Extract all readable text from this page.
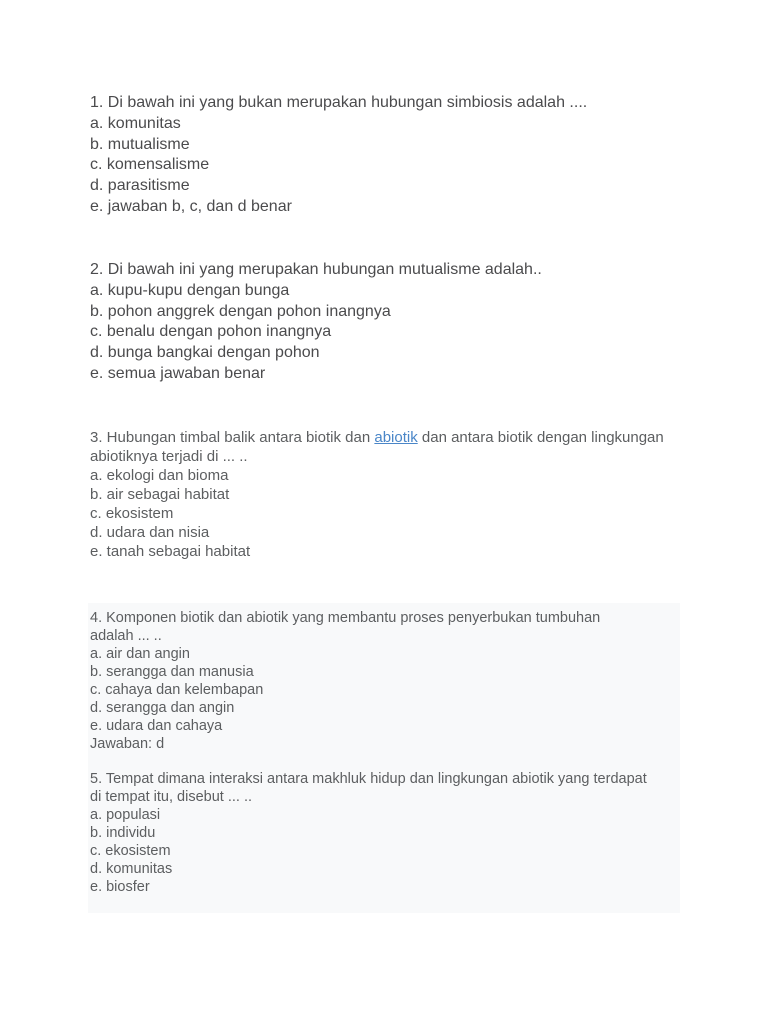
1. Di bawah ini yang bukan merupakan hubungan simbiosis adalah ....
a. komunitas
b. mutualisme
c. komensalisme
d. parasitisme
e. jawaban b, c, dan d benar
2. Di bawah ini yang merupakan hubungan mutualisme adalah..
a. kupu-kupu dengan bunga
b. pohon anggrek dengan pohon inangnya
c. benalu dengan pohon inangnya
d. bunga bangkai dengan pohon
e. semua jawaban benar
3. Hubungan timbal balik antara biotik dan abiotik dan antara biotik dengan lingkungan
abiotiknya terjadi di ... ..
a. ekologi dan bioma
b. air sebagai habitat
c. ekosistem
d. udara dan nisia
e. tanah sebagai habitat
4. Komponen biotik dan abiotik yang membantu proses penyerbukan tumbuhan
adalah ... ..
a. air dan angin
b. serangga dan manusia
c. cahaya dan kelembapan
d. serangga dan angin
e. udara dan cahaya
Jawaban: d
5. Tempat dimana interaksi antara makhluk hidup dan lingkungan abiotik yang terdapat
di tempat itu, disebut ... ..
a. populasi
b. individu
c. ekosistem
d. komunitas
e. biosfer
